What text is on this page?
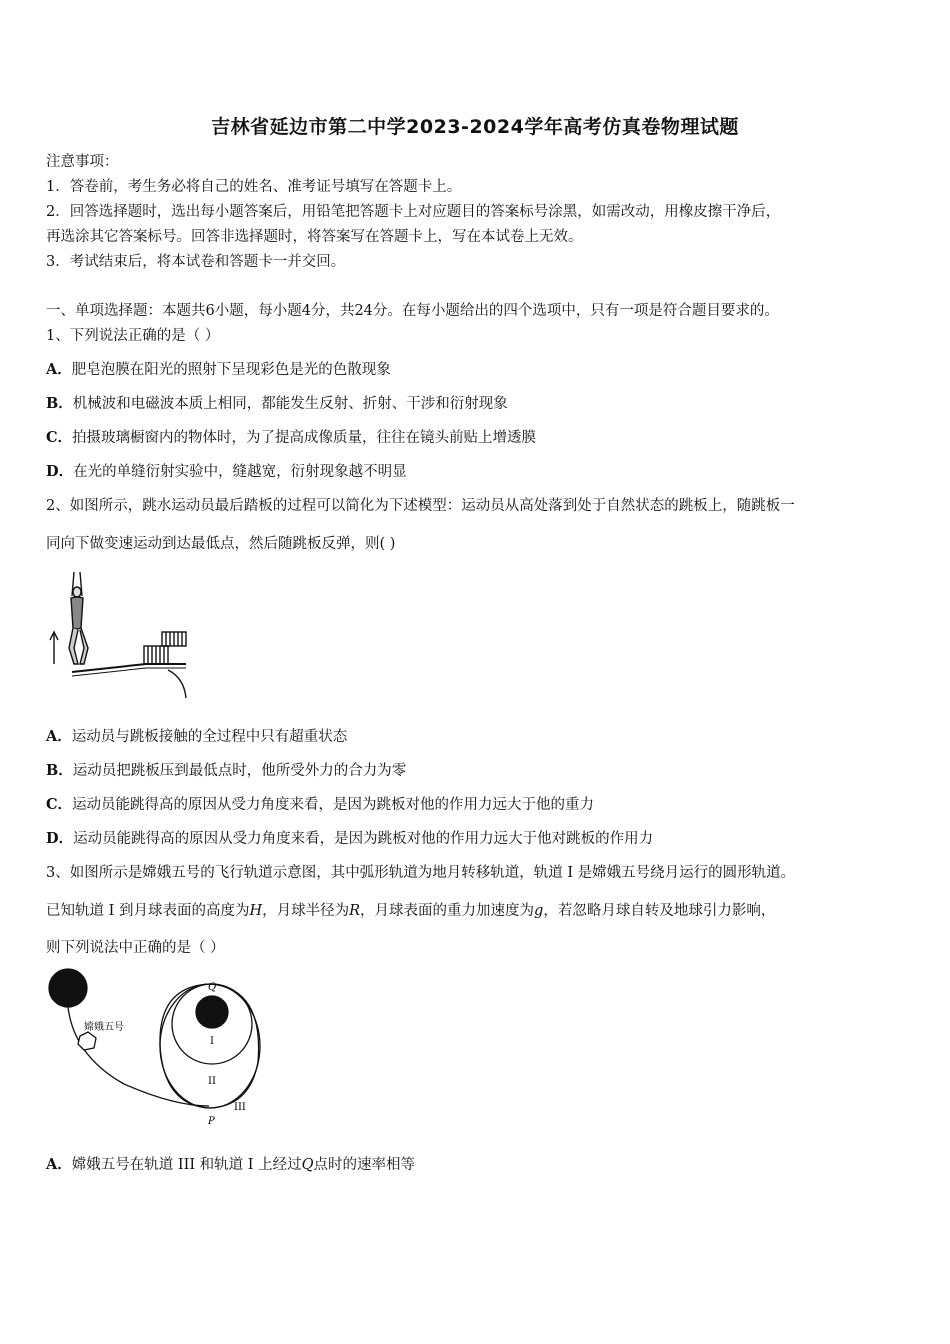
吉林省延边市第二中学2023-2024学年高考仿真卷物理试题
注意事项：
1．答卷前，考生务必将自己的姓名、准考证号填写在答题卡上。
2．回答选择题时，选出每小题答案后，用铅笔把答题卡上对应题目的答案标号涂黑，如需改动，用橡皮擦干净后，
再选涂其它答案标号。回答非选择题时，将答案写在答题卡上，写在本试卷上无效。
3．考试结束后，将本试卷和答题卡一并交回。
一、单项选择题：本题共6小题，每小题4分，共24分。在每小题给出的四个选项中，只有一项是符合题目要求的。
1、下列说法正确的是（ ）
A．肥皂泡膜在阳光的照射下呈现彩色是光的色散现象
B．机械波和电磁波本质上相同，都能发生反射、折射、干涉和衍射现象
C．拍摄玻璃橱窗内的物体时，为了提高成像质量，往往在镜头前贴上增透膜
D．在光的单缝衍射实验中，缝越宽，衍射现象越不明显
2、如图所示，跳水运动员最后踏板的过程可以简化为下述模型：运动员从高处落到处于自然状态的跳板上，随跳板一
同向下做变速运动到达最低点，然后随跳板反弹，则( )
A．运动员与跳板接触的全过程中只有超重状态
B．运动员把跳板压到最低点时，他所受外力的合力为零
C．运动员能跳得高的原因从受力角度来看，是因为跳板对他的作用力远大于他的重力
D．运动员能跳得高的原因从受力角度来看，是因为跳板对他的作用力远大于他对跳板的作用力
3、如图所示是嫦娥五号的飞行轨道示意图，其中弧形轨道为地月转移轨道，轨道 I 是嫦娥五号绕月运行的圆形轨道。
已知轨道 I 到月球表面的高度为H，月球半径为R，月球表面的重力加速度为g，若忽略月球自转及地球引力影响，
则下列说法中正确的是（ ）
嫦娥五号
Q
I
II
III
P
A．嫦娥五号在轨道 III 和轨道 I 上经过Q点时的速率相等
